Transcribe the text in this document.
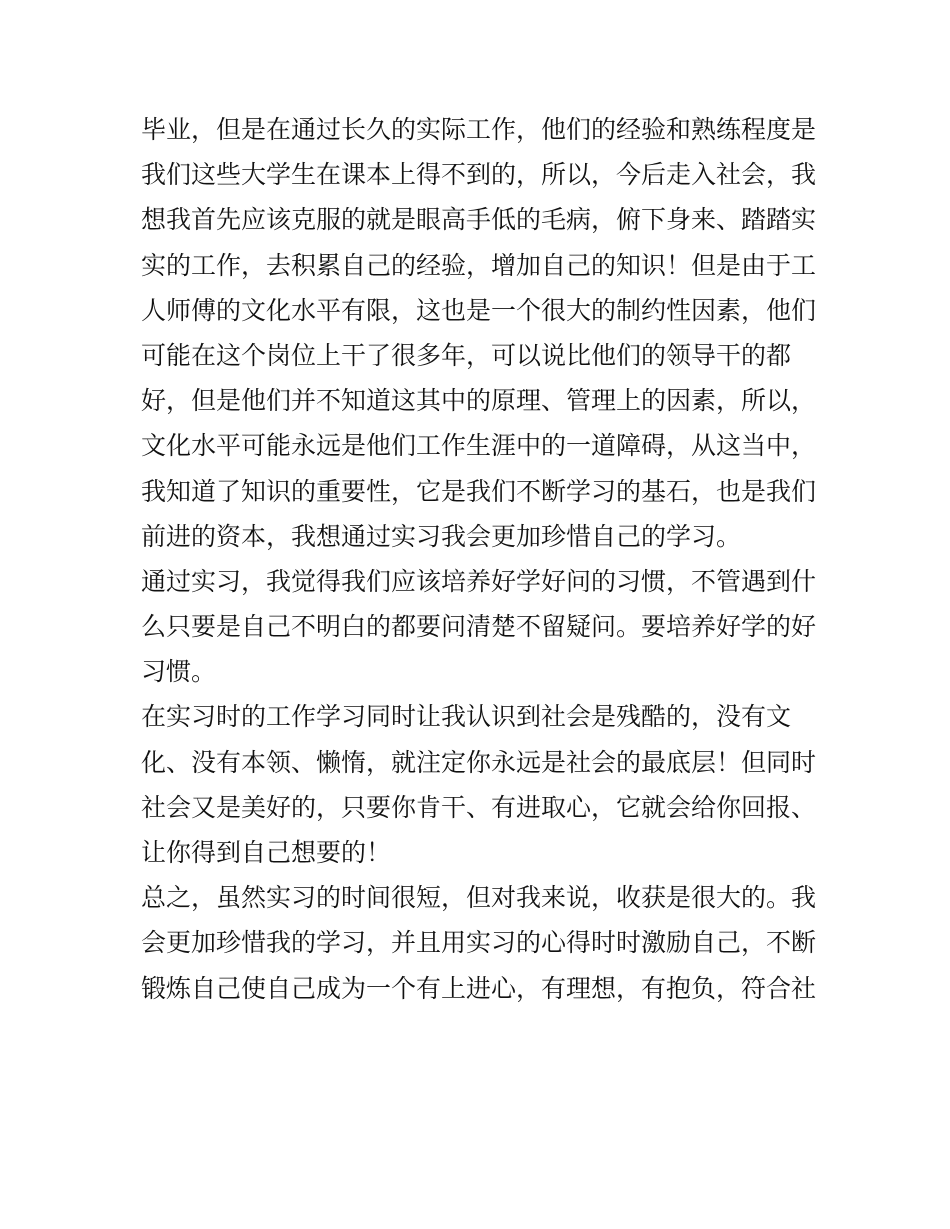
毕业，但是在通过长久的实际工作，他们的经验和熟练程度是
我们这些大学生在课本上得不到的，所以，今后走入社会，我
想我首先应该克服的就是眼高手低的毛病，俯下身来、踏踏实
实的工作，去积累自己的经验，增加自己的知识！但是由于工
人师傅的文化水平有限，这也是一个很大的制约性因素，他们
可能在这个岗位上干了很多年，可以说比他们的领导干的都
好，但是他们并不知道这其中的原理、管理上的因素，所以，
文化水平可能永远是他们工作生涯中的一道障碍，从这当中，
我知道了知识的重要性，它是我们不断学习的基石，也是我们
前进的资本，我想通过实习我会更加珍惜自己的学习。
通过实习，我觉得我们应该培养好学好问的习惯，不管遇到什
么只要是自己不明白的都要问清楚不留疑问。要培养好学的好
习惯。
在实习时的工作学习同时让我认识到社会是残酷的，没有文
化、没有本领、懒惰，就注定你永远是社会的最底层！但同时
社会又是美好的，只要你肯干、有进取心，它就会给你回报、
让你得到自己想要的！
总之，虽然实习的时间很短，但对我来说，收获是很大的。我
会更加珍惜我的学习，并且用实习的心得时时激励自己，不断
锻炼自己使自己成为一个有上进心，有理想，有抱负，符合社
